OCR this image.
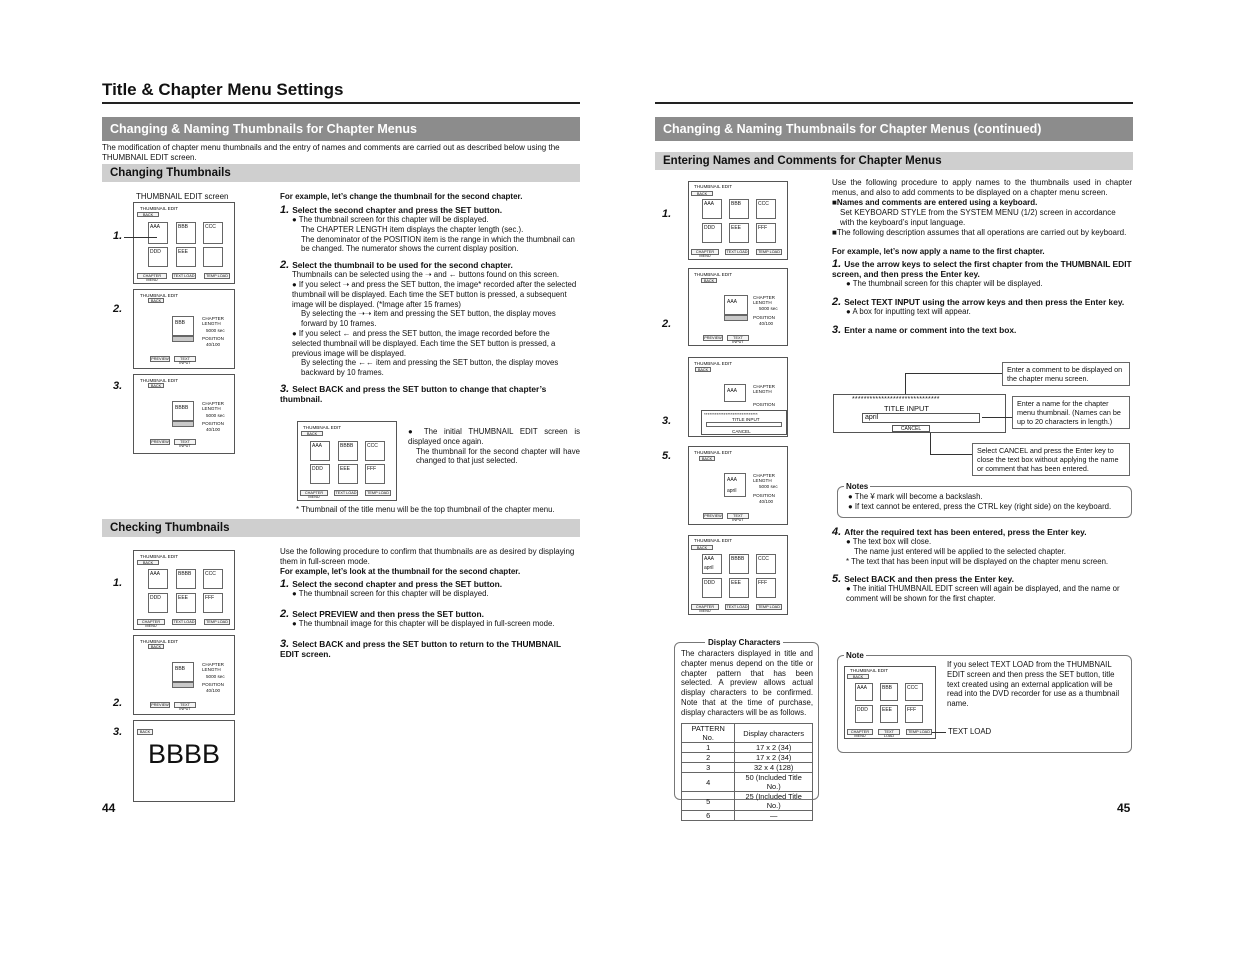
Title & Chapter Menu Settings
Changing & Naming Thumbnails for Chapter Menus
The modification of chapter menu thumbnails and the entry of names and comments are carried out as described below using the THUMBNAIL EDIT screen.
Changing Thumbnails
THUMBNAIL EDIT screen
THUMBNAIL EDIT
BACK
AAA	BBB	CCC
DDD	EEE
CHAPTER MENU
TEXT LOAD	TEMP LOAD
1.
THUMBNAIL EDIT
BACK
BBB
CHAPTER LENGTH
5000 sec
POSITION
40/100
PREVIEW	TEXT INPUT
2.
THUMBNAIL EDIT
BACK
BBBB
CHAPTER LENGTH
5000 sec
POSITION
40/100
PREVIEW	TEXT INPUT
3.
For example, let’s change the thumbnail for the second chapter.
1. Select the second chapter and press the SET button.
● The thumbnail screen for this chapter will be displayed.
The CHAPTER LENGTH item displays the chapter length (sec.).
The denominator of the POSITION item is the range in which the thumbnail can be changed. The numerator shows the current display position.
2. Select the thumbnail to be used for the second chapter.
Thumbnails can be selected using the ➝ and ← buttons found on this screen.
● If you select ➝ and press the SET button, the image* recorded after the selected thumbnail will be displayed. Each time the SET button is pressed, a subsequent image will be displayed. (*Image after 15 frames)
By selecting the ➝➝ item and pressing the SET button, the display moves forward by 10 frames.
● If you select ← and press the SET button, the image recorded before the selected thumbnail will be displayed. Each time the SET button is pressed, a previous image will be displayed.
By selecting the ←← item and pressing the SET button, the display moves backward by 10 frames.
3. Select BACK and press the SET button to change that chapter’s thumbnail.
THUMBNAIL EDIT
BACK
AAA	BBBB	CCC
DDD	EEE	FFF
CHAPTER MENU
TEXT LOAD	TEMP LOAD
● The initial THUMBNAIL EDIT screen is displayed once again.
The thumbnail for the second chapter will have changed to that just selected.
* Thumbnail of the title menu will be the top thumbnail of the chapter menu.
Checking Thumbnails
THUMBNAIL EDIT
BACK
AAA	BBBB	CCC
DDD	EEE	FFF
CHAPTER MENU
TEXT LOAD	TEMP LOAD
1.
THUMBNAIL EDIT
BACK
BBB
CHAPTER LENGTH
5000 sec
POSITION
40/100
PREVIEW	TEXT INPUT
2.
BACK
BBBB
3.
Use the following procedure to confirm that thumbnails are as desired by displaying them in full-screen mode.
For example, let’s look at the thumbnail for the second chapter.
1. Select the second chapter and press the SET button.
● The thumbnail screen for this chapter will be displayed.
2. Select PREVIEW and then press the SET button.
● The thumbnail image for this chapter will be displayed in full-screen mode.
3. Select BACK and press the SET button to return to the THUMBNAIL EDIT screen.
44
Changing & Naming Thumbnails for Chapter Menus (continued)
Entering Names and Comments for Chapter Menus
THUMBNAIL EDIT
BACK
AAA	BBB	CCC
DDD	EEE	FFF
CHAPTER MENU
TEXT LOAD	TEMP LOAD
1.
THUMBNAIL EDIT
BACK
AAA
CHAPTER LENGTH
5000 sec
POSITION
40/100
PREVIEW	TEXT INPUT
2.
THUMBNAIL EDIT
BACK
AAA
CHAPTER LENGTH
POSITION
******************************
TITLE INPUT
CANCEL
3.
THUMBNAIL EDIT
BACK
AAA
april
CHAPTER LENGTH
5000 sec
POSITION
40/100
PREVIEW	TEXT INPUT
5.
THUMBNAIL EDIT
BACK
AAA
april
BBBB	CCC
DDD	EEE	FFF
CHAPTER MENU
TEXT LOAD	TEMP LOAD
Use the following procedure to apply names to the thumbnails used in chapter menus, and also to add comments to be displayed on a chapter menu screen.
■Names and comments are entered using a keyboard.
Set KEYBOARD STYLE from the SYSTEM MENU (1/2) screen in accordance with the keyboard’s input language.
■The following description assumes that all operations are carried out by keyboard.
For example, let’s now apply a name to the first chapter.
1. Use the arrow keys to select the first chapter from the THUMBNAIL EDIT screen, and then press the Enter key.
● The thumbnail screen for this chapter will be displayed.
2. Select TEXT INPUT using the arrow keys and then press the Enter key.
● A box for inputting text will appear.
3. Enter a name or comment into the text box.
Enter a comment to be displayed on the chapter menu screen.
******************************
TITLE INPUT
april
CANCEL
Enter a name for the chapter menu thumbnail. (Names can be up to 20 characters in length.)
Select CANCEL and press the Enter key to close the text box without applying the name or comment that has been entered.
Notes
● The ¥ mark will become a backslash.
● If text cannot be entered, press the CTRL key (right side) on the keyboard.
4. After the required text has been entered, press the Enter key.
● The text box will close.
The name just entered will be applied to the selected chapter.
* The text that has been input will be displayed on the chapter menu screen.
5. Select BACK and then press the Enter key.
● The initial THUMBNAIL EDIT screen will again be displayed, and the name or comment will be shown for the first chapter.
Display Characters
The characters displayed in title and chapter menus depend on the title or chapter pattern that has been selected. A preview allows actual display characters to be confirmed. Note that at the time of purchase, display characters will be as follows.
PATTERN No.	Display characters
1	17 x 2 (34)
2	17 x 2 (34)
3	32 x 4 (128)
4	50 (Included Title No.)
5	25 (Included Title No.)
6	—
Note
THUMBNAIL EDIT
BACK
AAA	BBB	CCC
DDD	EEE	FFF
CHAPTER MENU
TEXT LOAD
TEMP LOAD
If you select TEXT LOAD from the THUMBNAIL EDIT screen and then press the SET button, title text created using an external application will be read into the DVD recorder for use as a thumbnail name.
TEXT LOAD
45
